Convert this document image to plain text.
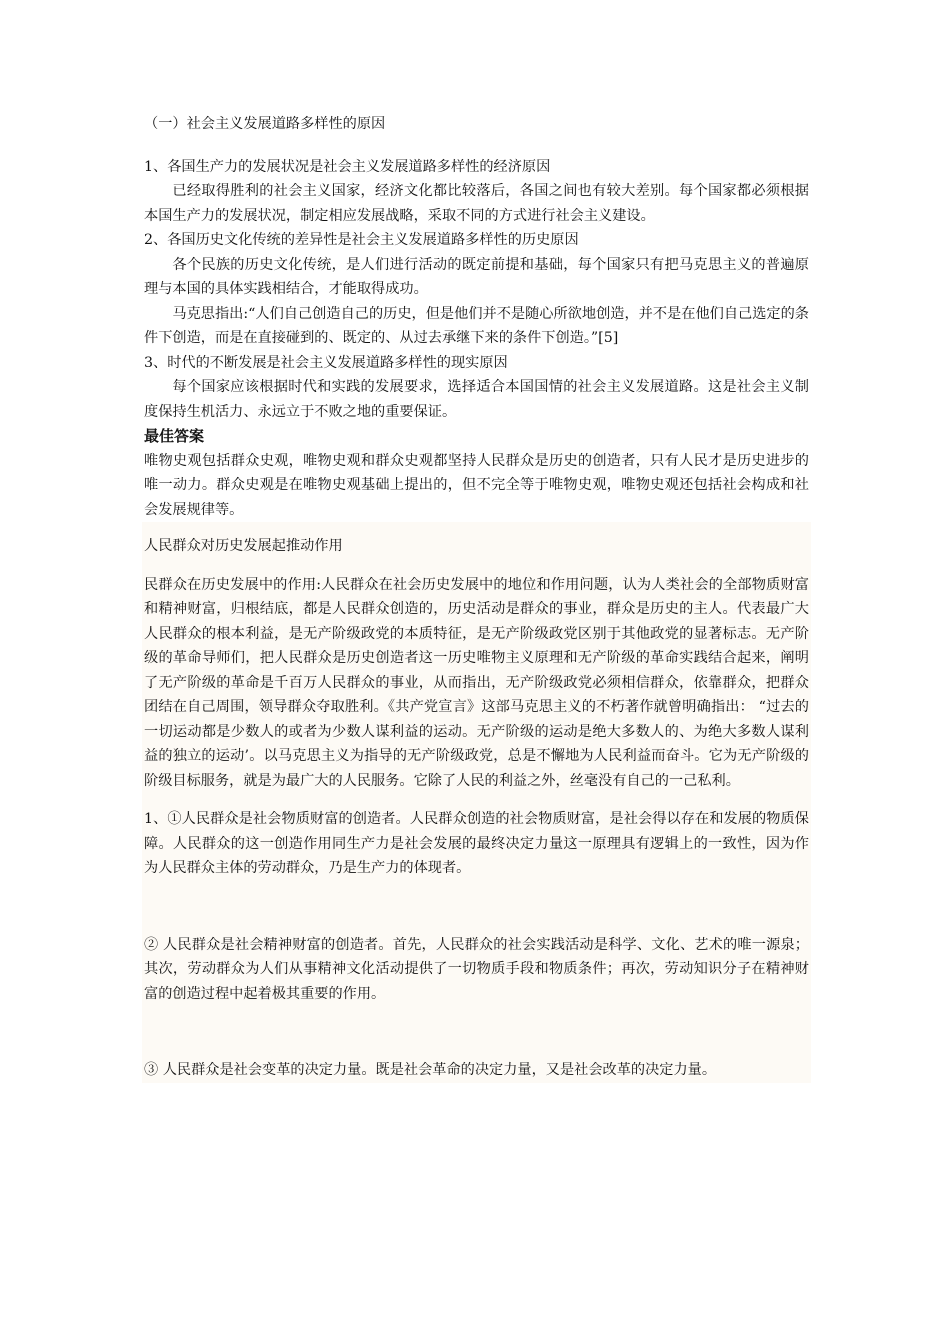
（一）社会主义发展道路多样性的原因

1、各国生产力的发展状况是社会主义发展道路多样性的经济原因

已经取得胜利的社会主义国家，经济文化都比较落后，各国之间也有较大差别。每个国家都必须根据本国生产力的发展状况，制定相应发展战略，采取不同的方式进行社会主义建设。

2、各国历史文化传统的差异性是社会主义发展道路多样性的历史原因

各个民族的历史文化传统，是人们进行活动的既定前提和基础，每个国家只有把马克思主义的普遍原理与本国的具体实践相结合，才能取得成功。

马克思指出:“人们自己创造自己的历史，但是他们并不是随心所欲地创造，并不是在他们自己选定的条件下创造，而是在直接碰到的、既定的、从过去承继下来的条件下创造。”[5]

3、时代的不断发展是社会主义发展道路多样性的现实原因

每个国家应该根据时代和实践的发展要求，选择适合本国国情的社会主义发展道路。这是社会主义制度保持生机活力、永远立于不败之地的重要保证。

最佳答案

唯物史观包括群众史观，唯物史观和群众史观都坚持人民群众是历史的创造者，只有人民才是历史进步的唯一动力。群众史观是在唯物史观基础上提出的，但不完全等于唯物史观，唯物史观还包括社会构成和社会发展规律等。

人民群众对历史发展起推动作用

民群众在历史发展中的作用:人民群众在社会历史发展中的地位和作用问题，认为人类社会的全部物质财富和精神财富，归根结底，都是人民群众创造的，历史活动是群众的事业，群众是历史的主人。代表最广大人民群众的根本利益，是无产阶级政党的本质特征，是无产阶级政党区别于其他政党的显著标志。无产阶级的革命导师们，把人民群众是历史创造者这一历史唯物主义原理和无产阶级的革命实践结合起来，阐明了无产阶级的革命是千百万人民群众的事业，从而指出，无产阶级政党必须相信群众，依靠群众，把群众团结在自己周围，领导群众夺取胜利。《共产党宣言》这部马克思主义的不朽著作就曾明确指出： “过去的一切运动都是少数人的或者为少数人谋利益的运动。无产阶级的运动是绝大多数人的、为绝大多数人谋利益的独立的运动’。以马克思主义为指导的无产阶级政党，总是不懈地为人民利益而奋斗。它为无产阶级的阶级目标服务，就是为最广大的人民服务。它除了人民的利益之外，丝毫没有自己的一己私利。

1、①人民群众是社会物质财富的创造者。人民群众创造的社会物质财富，是社会得以存在和发展的物质保障。人民群众的这一创造作用同生产力是社会发展的最终决定力量这一原理具有逻辑上的一致性，因为作为人民群众主体的劳动群众，乃是生产力的体现者。

② 人民群众是社会精神财富的创造者。首先，人民群众的社会实践活动是科学、文化、艺术的唯一源泉；其次，劳动群众为人们从事精神文化活动提供了一切物质手段和物质条件；再次，劳动知识分子在精神财富的创造过程中起着极其重要的作用。

③ 人民群众是社会变革的决定力量。既是社会革命的决定力量，又是社会改革的决定力量。
